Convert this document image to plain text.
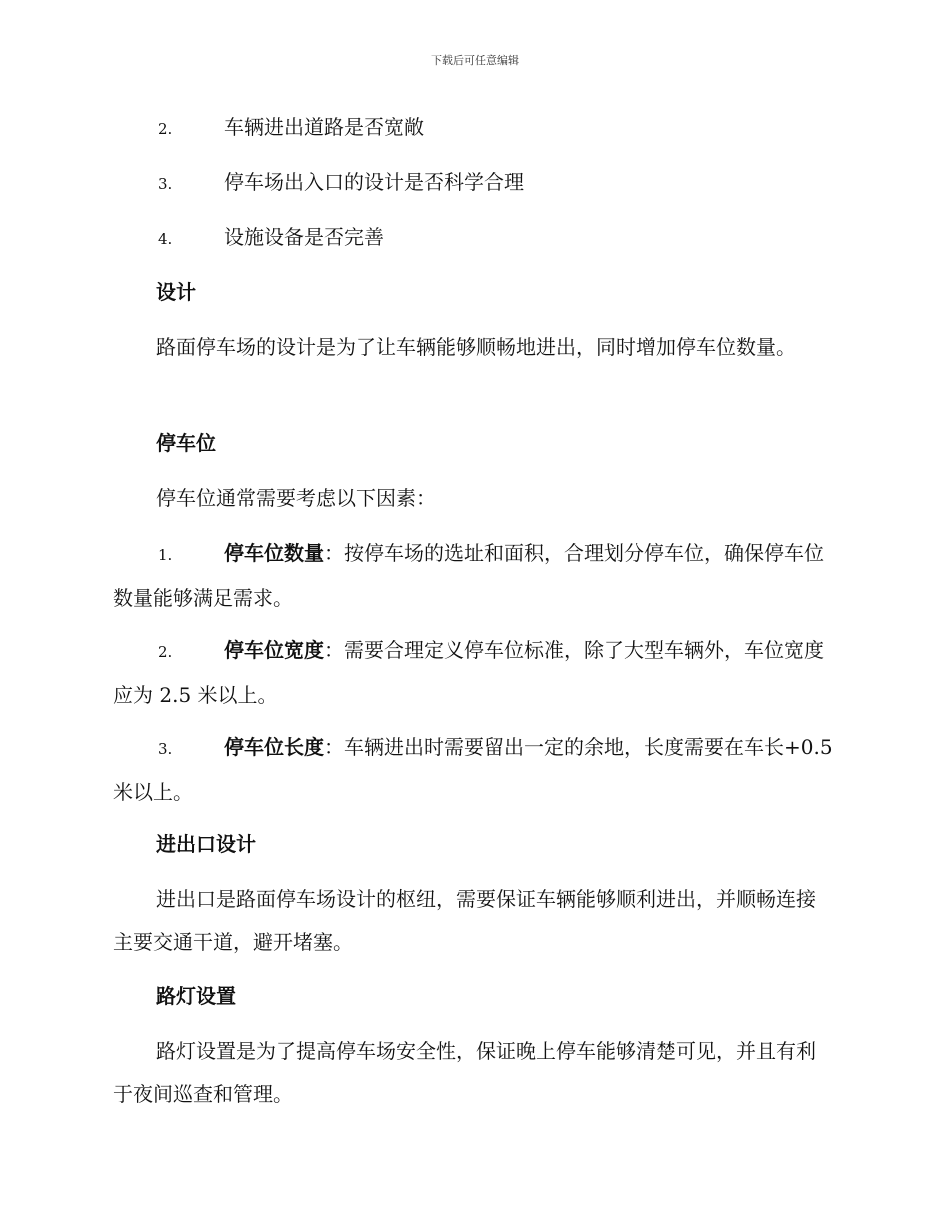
下载后可任意编辑
2.	车辆进出道路是否宽敞
3.	停车场出入口的设计是否科学合理
4.	设施设备是否完善
设计
路面停车场的设计是为了让车辆能够顺畅地进出，同时增加停车位数量。
停车位
停车位通常需要考虑以下因素：
1.	停车位数量：按停车场的选址和面积，合理划分停车位，确保停车位数量能够满足需求。
2.	停车位宽度：需要合理定义停车位标准，除了大型车辆外，车位宽度应为 2.5 米以上。
3.	停车位长度：车辆进出时需要留出一定的余地，长度需要在车长+0.5 米以上。
进出口设计
进出口是路面停车场设计的枢纽，需要保证车辆能够顺利进出，并顺畅连接主要交通干道，避开堵塞。
路灯设置
路灯设置是为了提高停车场安全性，保证晚上停车能够清楚可见，并且有利于夜间巡查和管理。
